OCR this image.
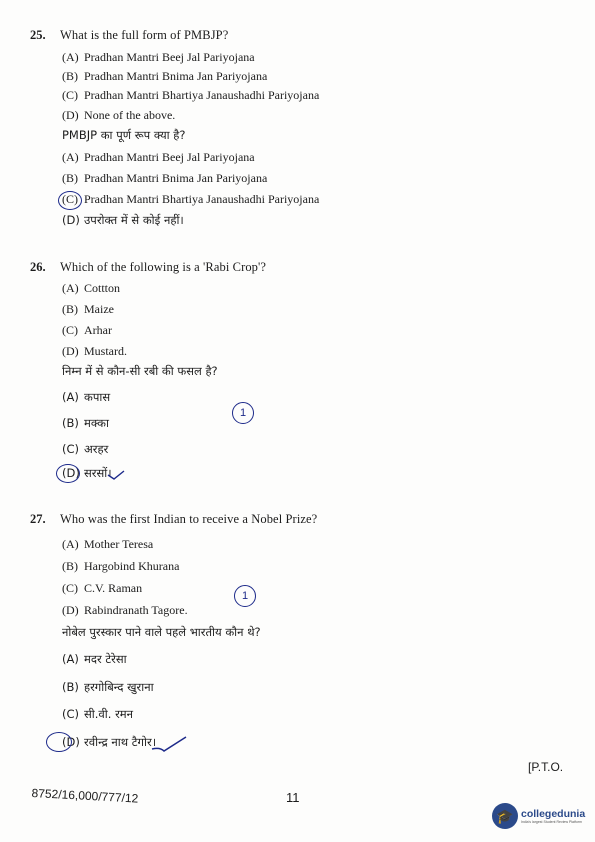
25. What is the full form of PMBJP?
(A) Pradhan Mantri Beej Jal Pariyojana
(B) Pradhan Mantri Bnima Jan Pariyojana
(C) Pradhan Mantri Bhartiya Janaushadhi Pariyojana
(D) None of the above.
PMBJP का पूर्ण रूप क्या है?
(A) Pradhan Mantri Beej Jal Pariyojana
(B) Pradhan Mantri Bnima Jan Pariyojana
(C) Pradhan Mantri Bhartiya Janaushadhi Pariyojana
(D) उपरोक्त में से कोई नहीं।
26. Which of the following is a 'Rabi Crop'?
(A) Cottton
(B) Maize
(C) Arhar
(D) Mustard.
निम्न में से कौन-सी रबी की फसल है?
(A) कपास
(B) मक्का
1
(C) अरहर
(D) सरसों।
27. Who was the first Indian to receive a Nobel Prize?
(A) Mother Teresa
(B) Hargobind Khurana
(C) C.V. Raman
1
(D) Rabindranath Tagore.
नोबेल पुरस्कार पाने वाले पहले भारतीय कौन थे?
(A) मदर टेरेसा
(B) हरगोबिन्द खुराना
(C) सी.वी. रमन
(D) रवीन्द्र नाथ टैगोर।
8752/16,000/777/12	11
[P.T.O.
🎓 collegedunia
India's largest Student Review Platform
